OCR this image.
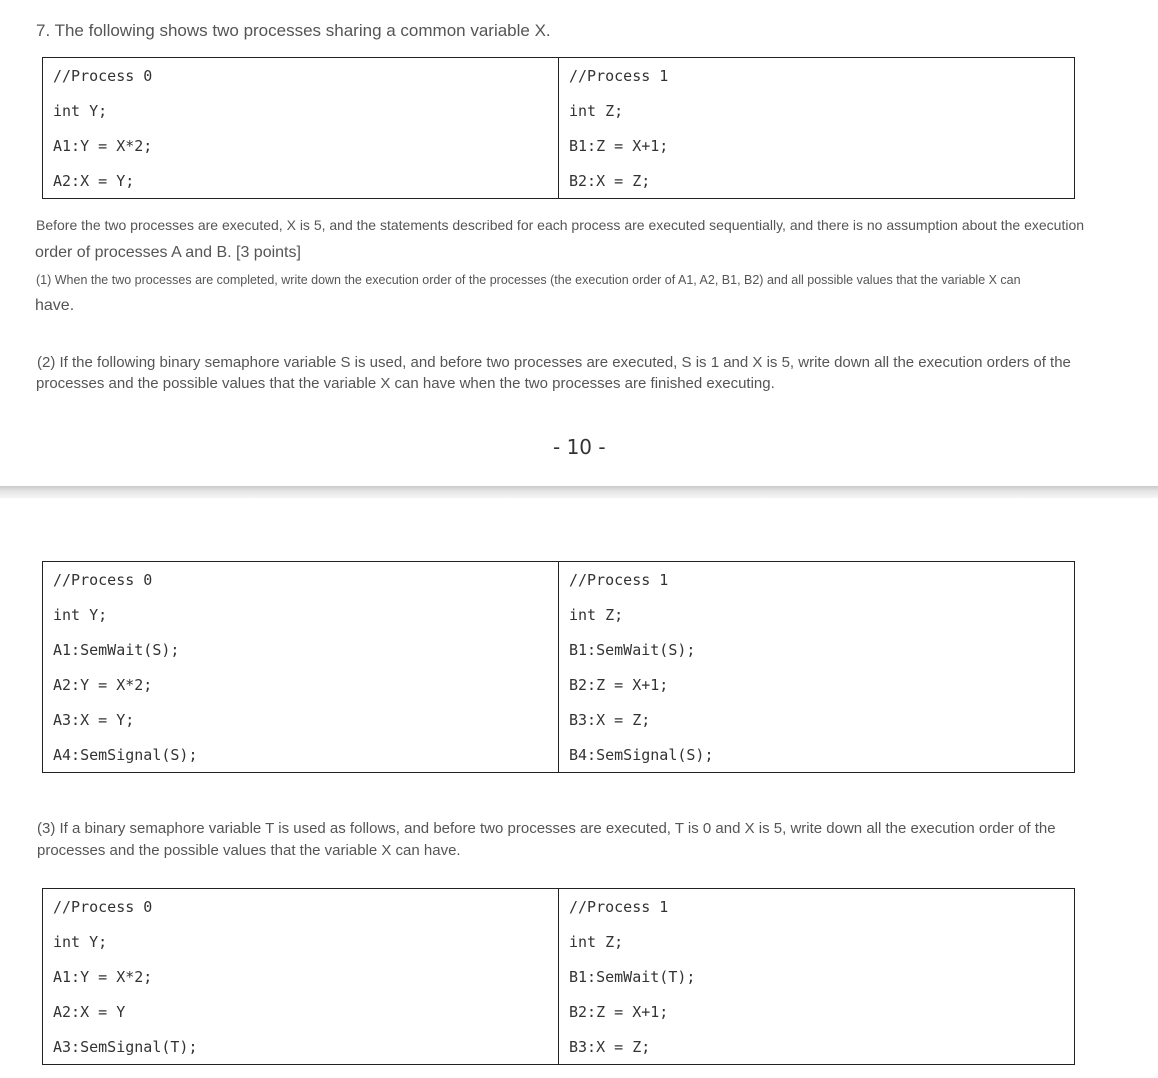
7. The following shows two processes sharing a common variable X.
//Process 0	//Process 1
int Y;	int Z;
A1:Y = X*2;	B1:Z = X+1;
A2:X = Y;	B2:X = Z;
Before the two processes are executed, X is 5, and the statements described for each process are executed sequentially, and there is no assumption about the execution
order of processes A and B. [3 points]
(1) When the two processes are completed, write down the execution order of the processes (the execution order of A1, A2, B1, B2) and all possible values that the variable X can
have.
(2) If the following binary semaphore variable S is used, and before two processes are executed, S is 1 and X is 5, write down all the execution orders of the
processes and the possible values that the variable X can have when the two processes are finished executing.
- 10 -
//Process 0	//Process 1
int Y;	int Z;
A1:SemWait(S);	B1:SemWait(S);
A2:Y = X*2;	B2:Z = X+1;
A3:X = Y;	B3:X = Z;
A4:SemSignal(S);	B4:SemSignal(S);
(3) If a binary semaphore variable T is used as follows, and before two processes are executed, T is 0 and X is 5, write down all the execution order of the
processes and the possible values that the variable X can have.
//Process 0	//Process 1
int Y;	int Z;
A1:Y = X*2;	B1:SemWait(T);
A2:X = Y	B2:Z = X+1;
A3:SemSignal(T);	B3:X = Z;
